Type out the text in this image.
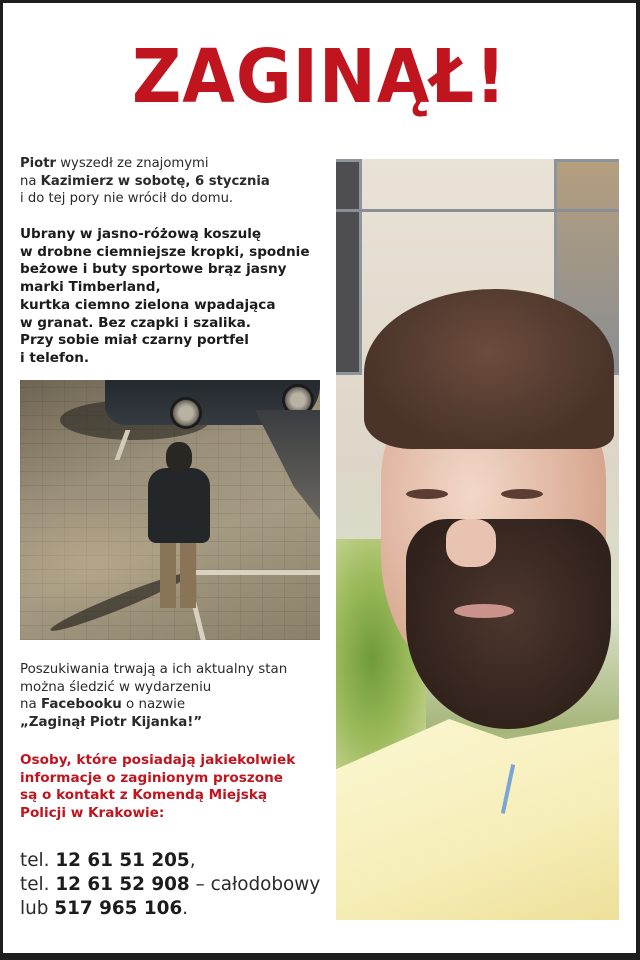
ZAGINĄŁ!
Piotr wyszedł ze znajomymi
na Kazimierz w sobotę, 6 stycznia
i do tej pory nie wrócił do domu.
Ubrany w jasno-różową koszulę
w drobne ciemniejsze kropki, spodnie
beżowe i buty sportowe brąz jasny
marki Timberland,
kurtka ciemno zielona wpadająca
w granat. Bez czapki i szalika.
Przy sobie miał czarny portfel
i telefon.
Poszukiwania trwają a ich aktualny stan
można śledzić w wydarzeniu
na Facebooku o nazwie
„Zaginął Piotr Kijanka!”
Osoby, które posiadają jakiekolwiek
informacje o zaginionym proszone
są o kontakt z Komendą Miejską
Policji w Krakowie:
tel. 12 61 51 205,
tel. 12 61 52 908 – całodobowy
lub 517 965 106.
